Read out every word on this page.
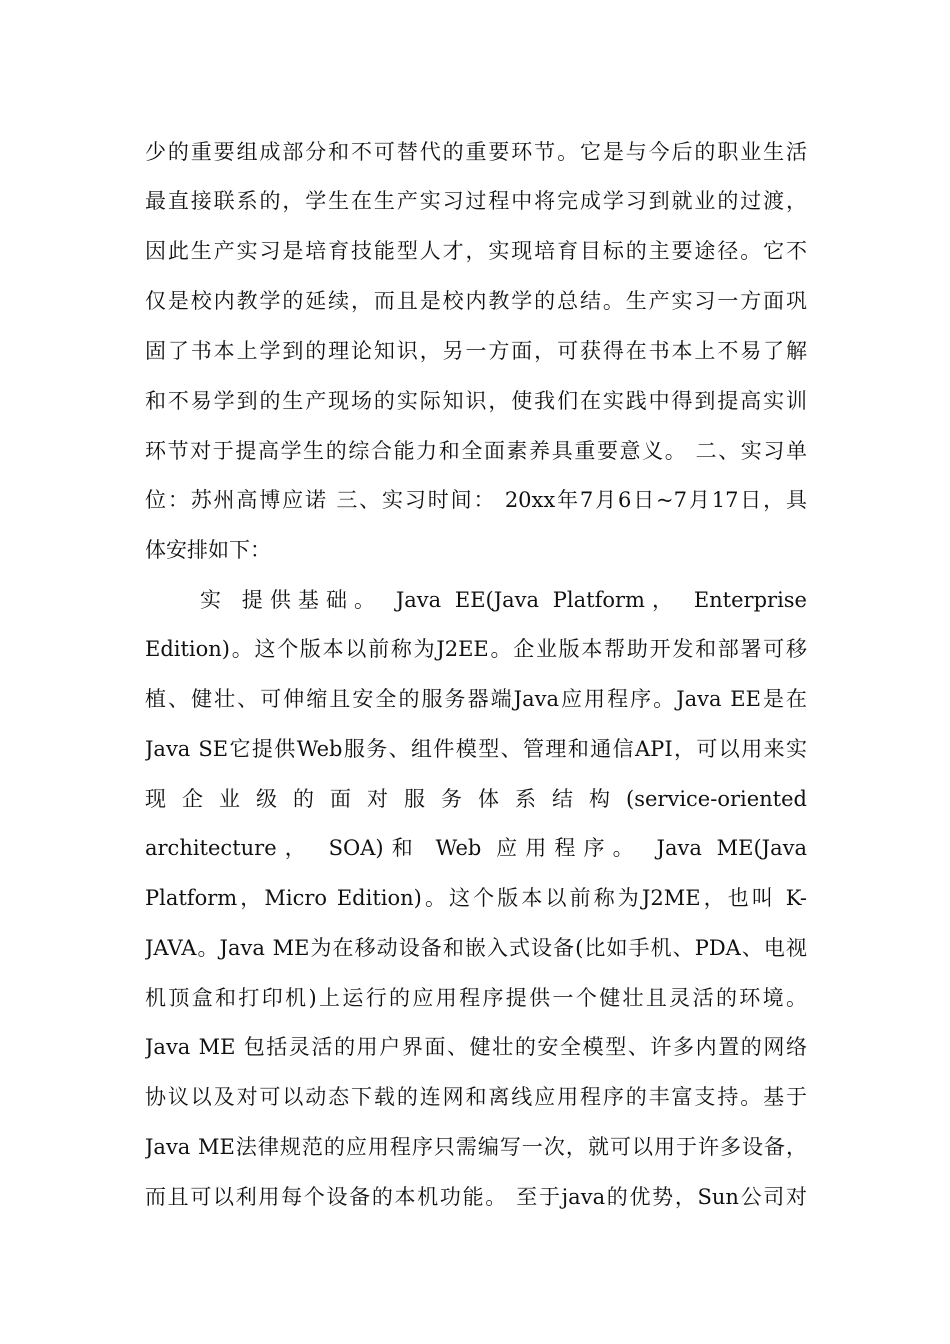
少的重要组成部分和不可替代的重要环节。它是与今后的职业生活
最直接联系的，学生在生产实习过程中将完成学习到就业的过渡，
因此生产实习是培育技能型人才，实现培育目标的主要途径。它不
仅是校内教学的延续，而且是校内教学的总结。生产实习一方面巩
固了书本上学到的理论知识，另一方面，可获得在书本上不易了解
和不易学到的生产现场的实际知识，使我们在实践中得到提高实训
环节对于提高学生的综合能力和全面素养具重要意义。 二、实习单
位：苏州高博应诺 三、实习时间： 20xx年7月6日~7月17日，具
体安排如下：
实 提供基础。 Java EE(Java Platform， Enterprise
Edition)。这个版本以前称为J2EE。企业版本帮助开发和部署可移
植、健壮、可伸缩且安全的服务器端Java应用程序。Java EE是在
Java SE它提供Web服务、组件模型、管理和通信API，可以用来实
现 企 业 级 的 面 对 服 务 体 系 结 构 (service-oriented
architecture， SOA)和 Web 应用程序。 Java ME(Java
Platform，Micro Edition)。这个版本以前称为J2ME，也叫 K-
JAVA。Java ME为在移动设备和嵌入式设备(比如手机、PDA、电视
机顶盒和打印机)上运行的应用程序提供一个健壮且灵活的环境。
Java ME 包括灵活的用户界面、健壮的安全模型、许多内置的网络
协议以及对可以动态下载的连网和离线应用程序的丰富支持。基于
Java ME法律规范的应用程序只需编写一次，就可以用于许多设备，
而且可以利用每个设备的本机功能。 至于java的优势，Sun公司对
